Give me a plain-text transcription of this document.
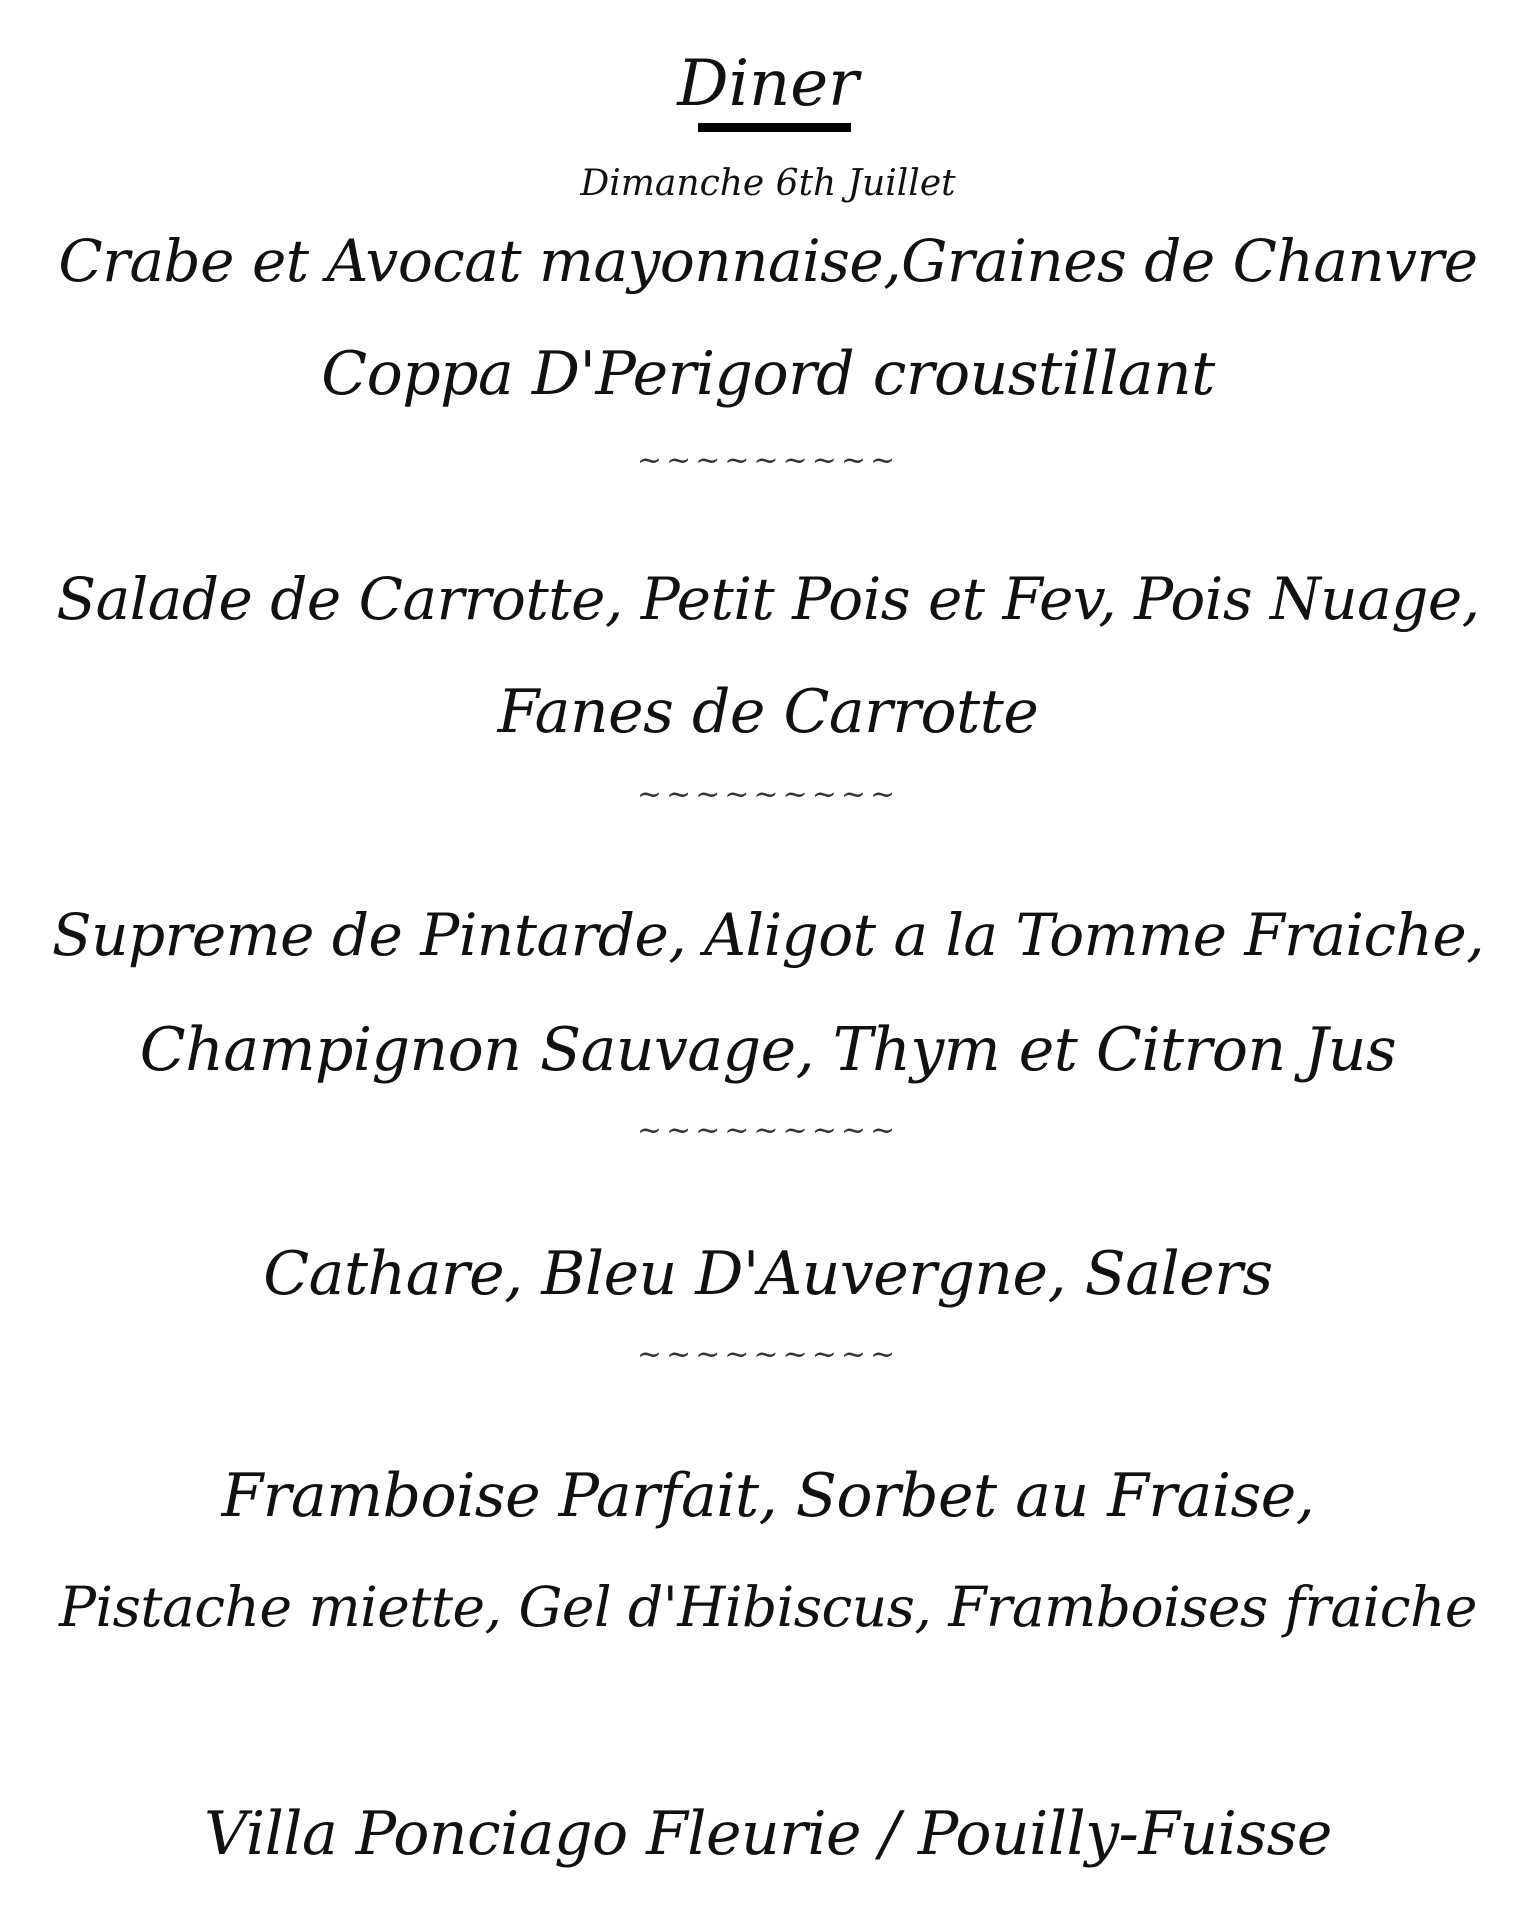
Diner
Dimanche 6th Juillet
Crabe et Avocat mayonnaise,Graines de Chanvre
Coppa D'Perigord croustillant
~~~~~~~~~
Salade de Carrotte, Petit Pois et Fev, Pois Nuage,
Fanes de Carrotte
~~~~~~~~~
Supreme de Pintarde, Aligot a la Tomme Fraiche,
Champignon Sauvage, Thym et Citron Jus
~~~~~~~~~
Cathare, Bleu D'Auvergne, Salers
~~~~~~~~~
Framboise Parfait, Sorbet au Fraise,
Pistache miette, Gel d'Hibiscus, Framboises fraiche
Villa Ponciago Fleurie / Pouilly-Fuisse
